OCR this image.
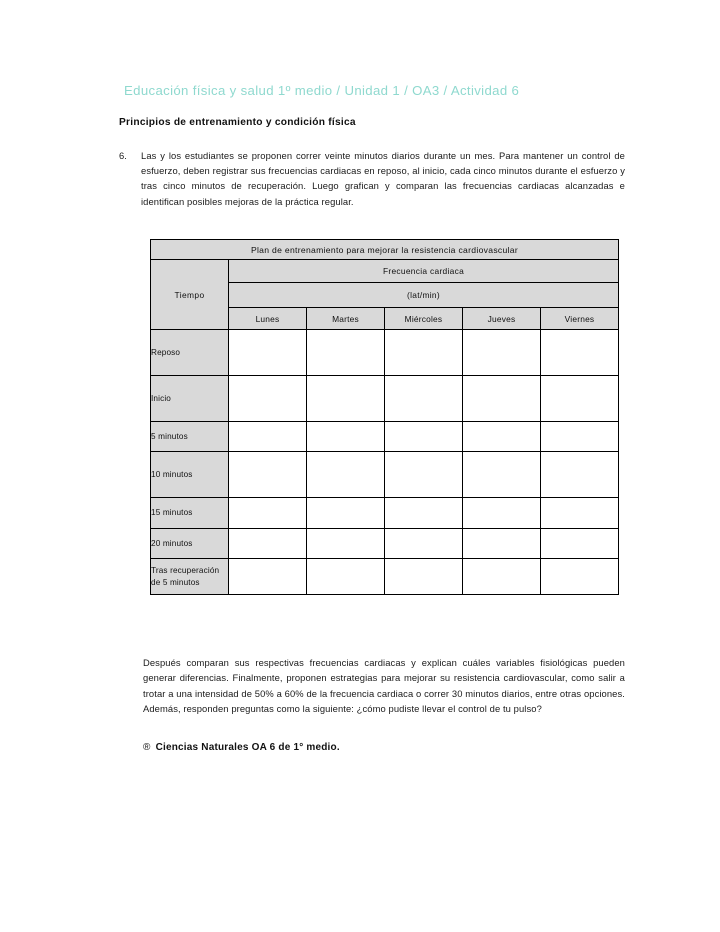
Educación física y salud 1º medio / Unidad 1 / OA3 / Actividad 6
Principios de entrenamiento y condición física
6.	Las y los estudiantes se proponen correr veinte minutos diarios durante un mes. Para mantener un control de esfuerzo, deben registrar sus frecuencias cardiacas en reposo, al inicio, cada cinco minutos durante el esfuerzo y tras cinco minutos de recuperación. Luego grafican y comparan las frecuencias cardiacas alcanzadas e identifican posibles mejoras de la práctica regular.
Plan de entrenamiento para mejorar la resistencia cardiovascular					
Tiempo	Frecuencia cardiaca				
	(lat/min)				
	Lunes	Martes	Miércoles	Jueves	Viernes
Reposo					
Inicio					
5 minutos					
10 minutos					
15 minutos					
20 minutos					
Tras recuperación de 5 minutos					
Después comparan sus respectivas frecuencias cardiacas y explican cuáles variables fisiológicas pueden generar diferencias. Finalmente, proponen estrategias para mejorar su resistencia cardiovascular, como salir a trotar a una intensidad de 50% a 60% de la frecuencia cardiaca o correr 30 minutos diarios, entre otras opciones. Además, responden preguntas como la siguiente: ¿cómo pudiste llevar el control de tu pulso?
® Ciencias Naturales OA 6 de 1° medio.
